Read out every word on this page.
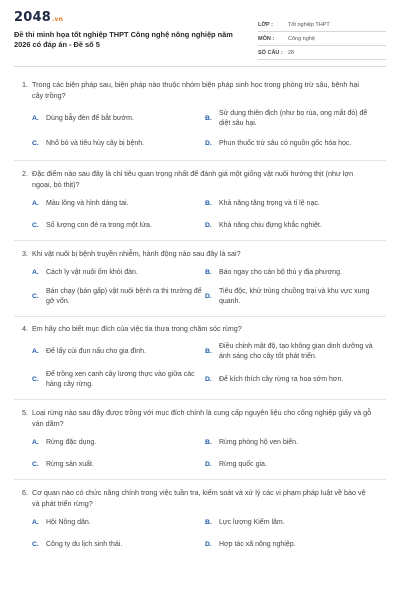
2048.vn
Đề thi minh họa tốt nghiệp THPT Công nghệ nông nghiệp năm 2026 có đáp án - Đề số 5
LỚP :	Tốt nghiệp THPT
MÔN :	Công nghệ
SỐ CÂU : 28
1. Trong các biện pháp sau, biện pháp nào thuộc nhóm biện pháp sinh học trong phòng trừ sâu, bệnh hại cây trồng?
A.	Dùng bẫy đèn để bắt bướm.	B.
Sử dụng thiên địch (như bọ rùa, ong mắt đỏ) để diệt sâu hại.
C.	Nhổ bỏ và tiêu hủy cây bị bệnh.	D.	Phun thuốc trừ sâu có nguồn gốc hóa học.
2. Đặc điểm nào sau đây là chỉ tiêu quan trọng nhất để đánh giá một giống vật nuôi hướng thịt (như lợn ngoại, bò thịt)?
A.	Màu lông và hình dáng tai.	B.	Khả năng tăng trọng và tỉ lệ nạc.
C.	Số lượng con đẻ ra trong một lứa.	D.	Khả năng chịu đựng khắc nghiệt.
3. Khi vật nuôi bị bệnh truyền nhiễm, hành động nào sau đây là sai?
A.	Cách ly vật nuôi ốm khỏi đàn.	B.	Báo ngay cho cán bộ thú y địa phương.
C.
Bán chạy (bán gấp) vật nuôi bệnh ra thị trường để gỡ vốn.
D.
Tiêu độc, khử trùng chuồng trại và khu vực xung quanh.
4. Em hãy cho biết mục đích của việc tỉa thưa trong chăm sóc rừng?
A.	Để lấy củi đun nấu cho gia đình.	B.
Điều chỉnh mật độ, tạo không gian dinh dưỡng và ánh sáng cho cây tốt phát triển.
C.
Để trồng xen canh cây lương thực vào giữa các hàng cây rừng.
D.	Để kích thích cây rừng ra hoa sớm hơn.
5. Loại rừng nào sau đây được trồng với mục đích chính là cung cấp nguyên liệu cho công nghiệp giấy và gỗ ván dăm?
A.	Rừng đặc dụng.	B.	Rừng phòng hộ ven biển.
C.	Rừng sản xuất.	D.	Rừng quốc gia.
6. Cơ quan nào có chức năng chính trong việc tuần tra, kiểm soát và xử lý các vi phạm pháp luật về bảo vệ và phát triển rừng?
A.	Hội Nông dân.	B.	Lực lượng Kiểm lâm.
C.	Công ty du lịch sinh thái.	D.	Hợp tác xã nông nghiệp.
